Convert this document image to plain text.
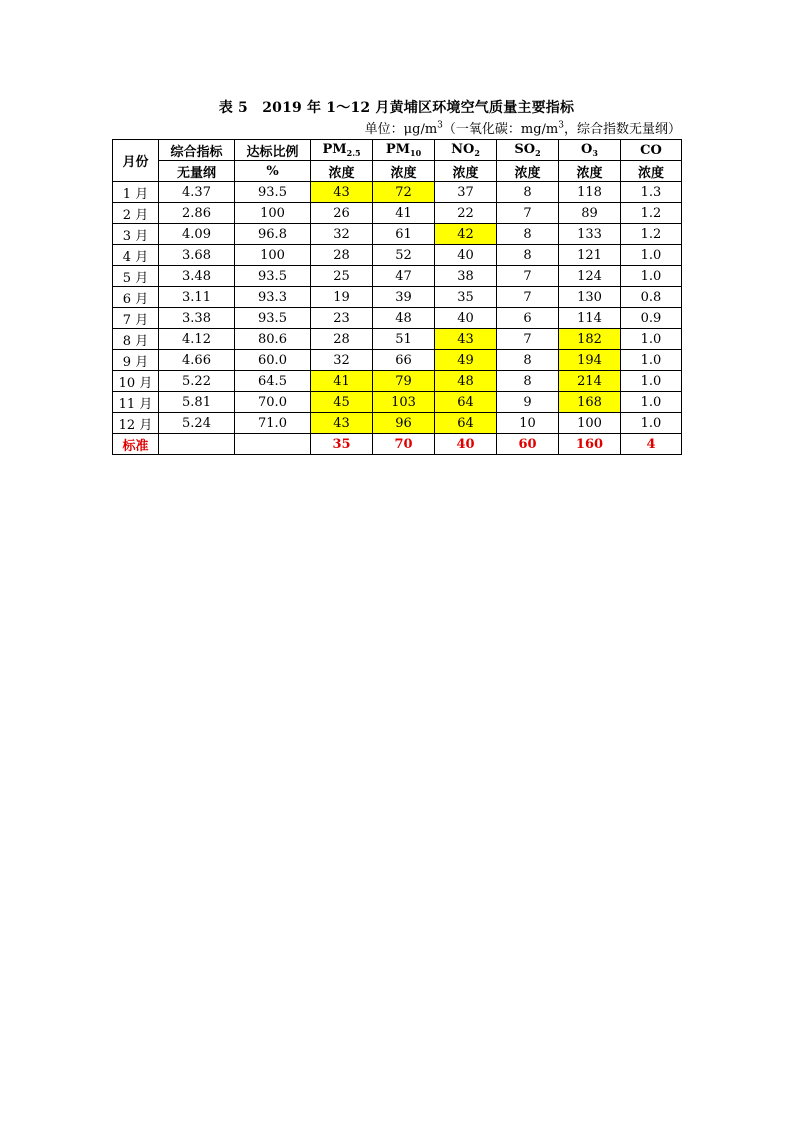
表 5　2019 年 1～12 月黄埔区环境空气质量主要指标
单位：$\mu g/m^3$（一氧化碳：$mg/m^3$，综合指数无量纲）
月份	综合指标	达标比例	$PM_{2.5}$	$PM_{10}$	$NO_2$	$SO_2$	$O_3$	CO
	无量纲	%	浓度	浓度	浓度	浓度	浓度	浓度
1 月	4.37	93.5	43	72	37	8	118	1.3
2 月	2.86	100	26	41	22	7	89	1.2
3 月	4.09	96.8	32	61	42	8	133	1.2
4 月	3.68	100	28	52	40	8	121	1.0
5 月	3.48	93.5	25	47	38	7	124	1.0
6 月	3.11	93.3	19	39	35	7	130	0.8
7 月	3.38	93.5	23	48	40	6	114	0.9
8 月	4.12	80.6	28	51	43	7	182	1.0
9 月	4.66	60.0	32	66	49	8	194	1.0
10 月	5.22	64.5	41	79	48	8	214	1.0
11 月	5.81	70.0	45	103	64	9	168	1.0
12 月	5.24	71.0	43	96	64	10	100	1.0
标准			35	70	40	60	160	4
